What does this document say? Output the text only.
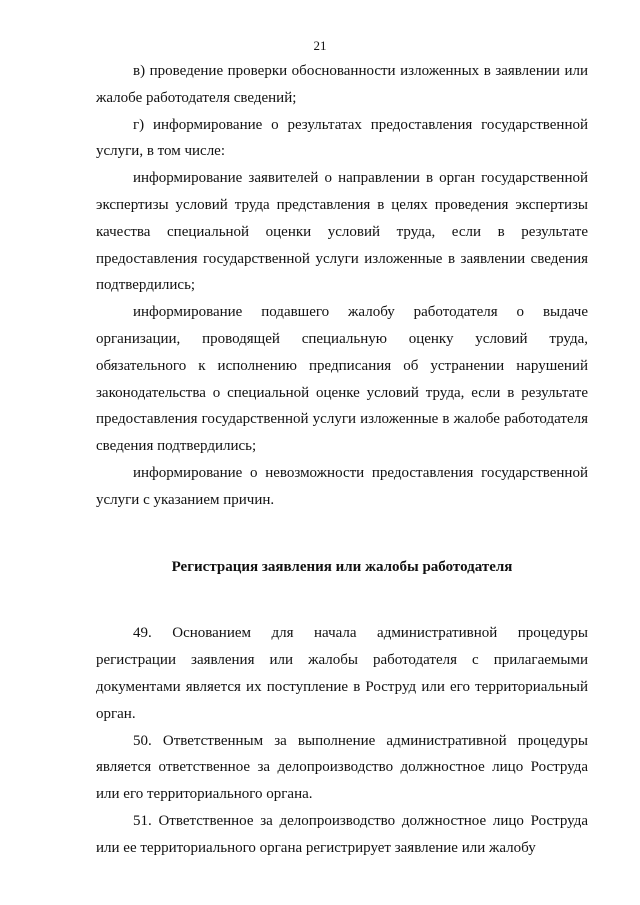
21

в) проведение проверки обоснованности изложенных в заявлении или жалобе работодателя сведений;

г) информирование о результатах предоставления государственной услуги, в том числе:

информирование заявителей о направлении в орган государственной экспертизы условий труда представления в целях проведения экспертизы качества специальной оценки условий труда, если в результате предоставления государственной услуги изложенные в заявлении сведения подтвердились;

информирование подавшего жалобу работодателя о выдаче организации, проводящей специальную оценку условий труда, обязательного к исполнению предписания об устранении нарушений законодательства о специальной оценке условий труда, если в результате предоставления государственной услуги изложенные в жалобе работодателя сведения подтвердились;

информирование о невозможности предоставления государственной услуги с указанием причин.

Регистрация заявления или жалобы работодателя

49. Основанием для начала административной процедуры регистрации заявления или жалобы работодателя с прилагаемыми документами является их поступление в Роструд или его территориальный орган.

50. Ответственным за выполнение административной процедуры является ответственное за делопроизводство должностное лицо Роструда или его территориального органа.

51. Ответственное за делопроизводство должностное лицо Роструда или ее территориального органа регистрирует заявление или жалобу
